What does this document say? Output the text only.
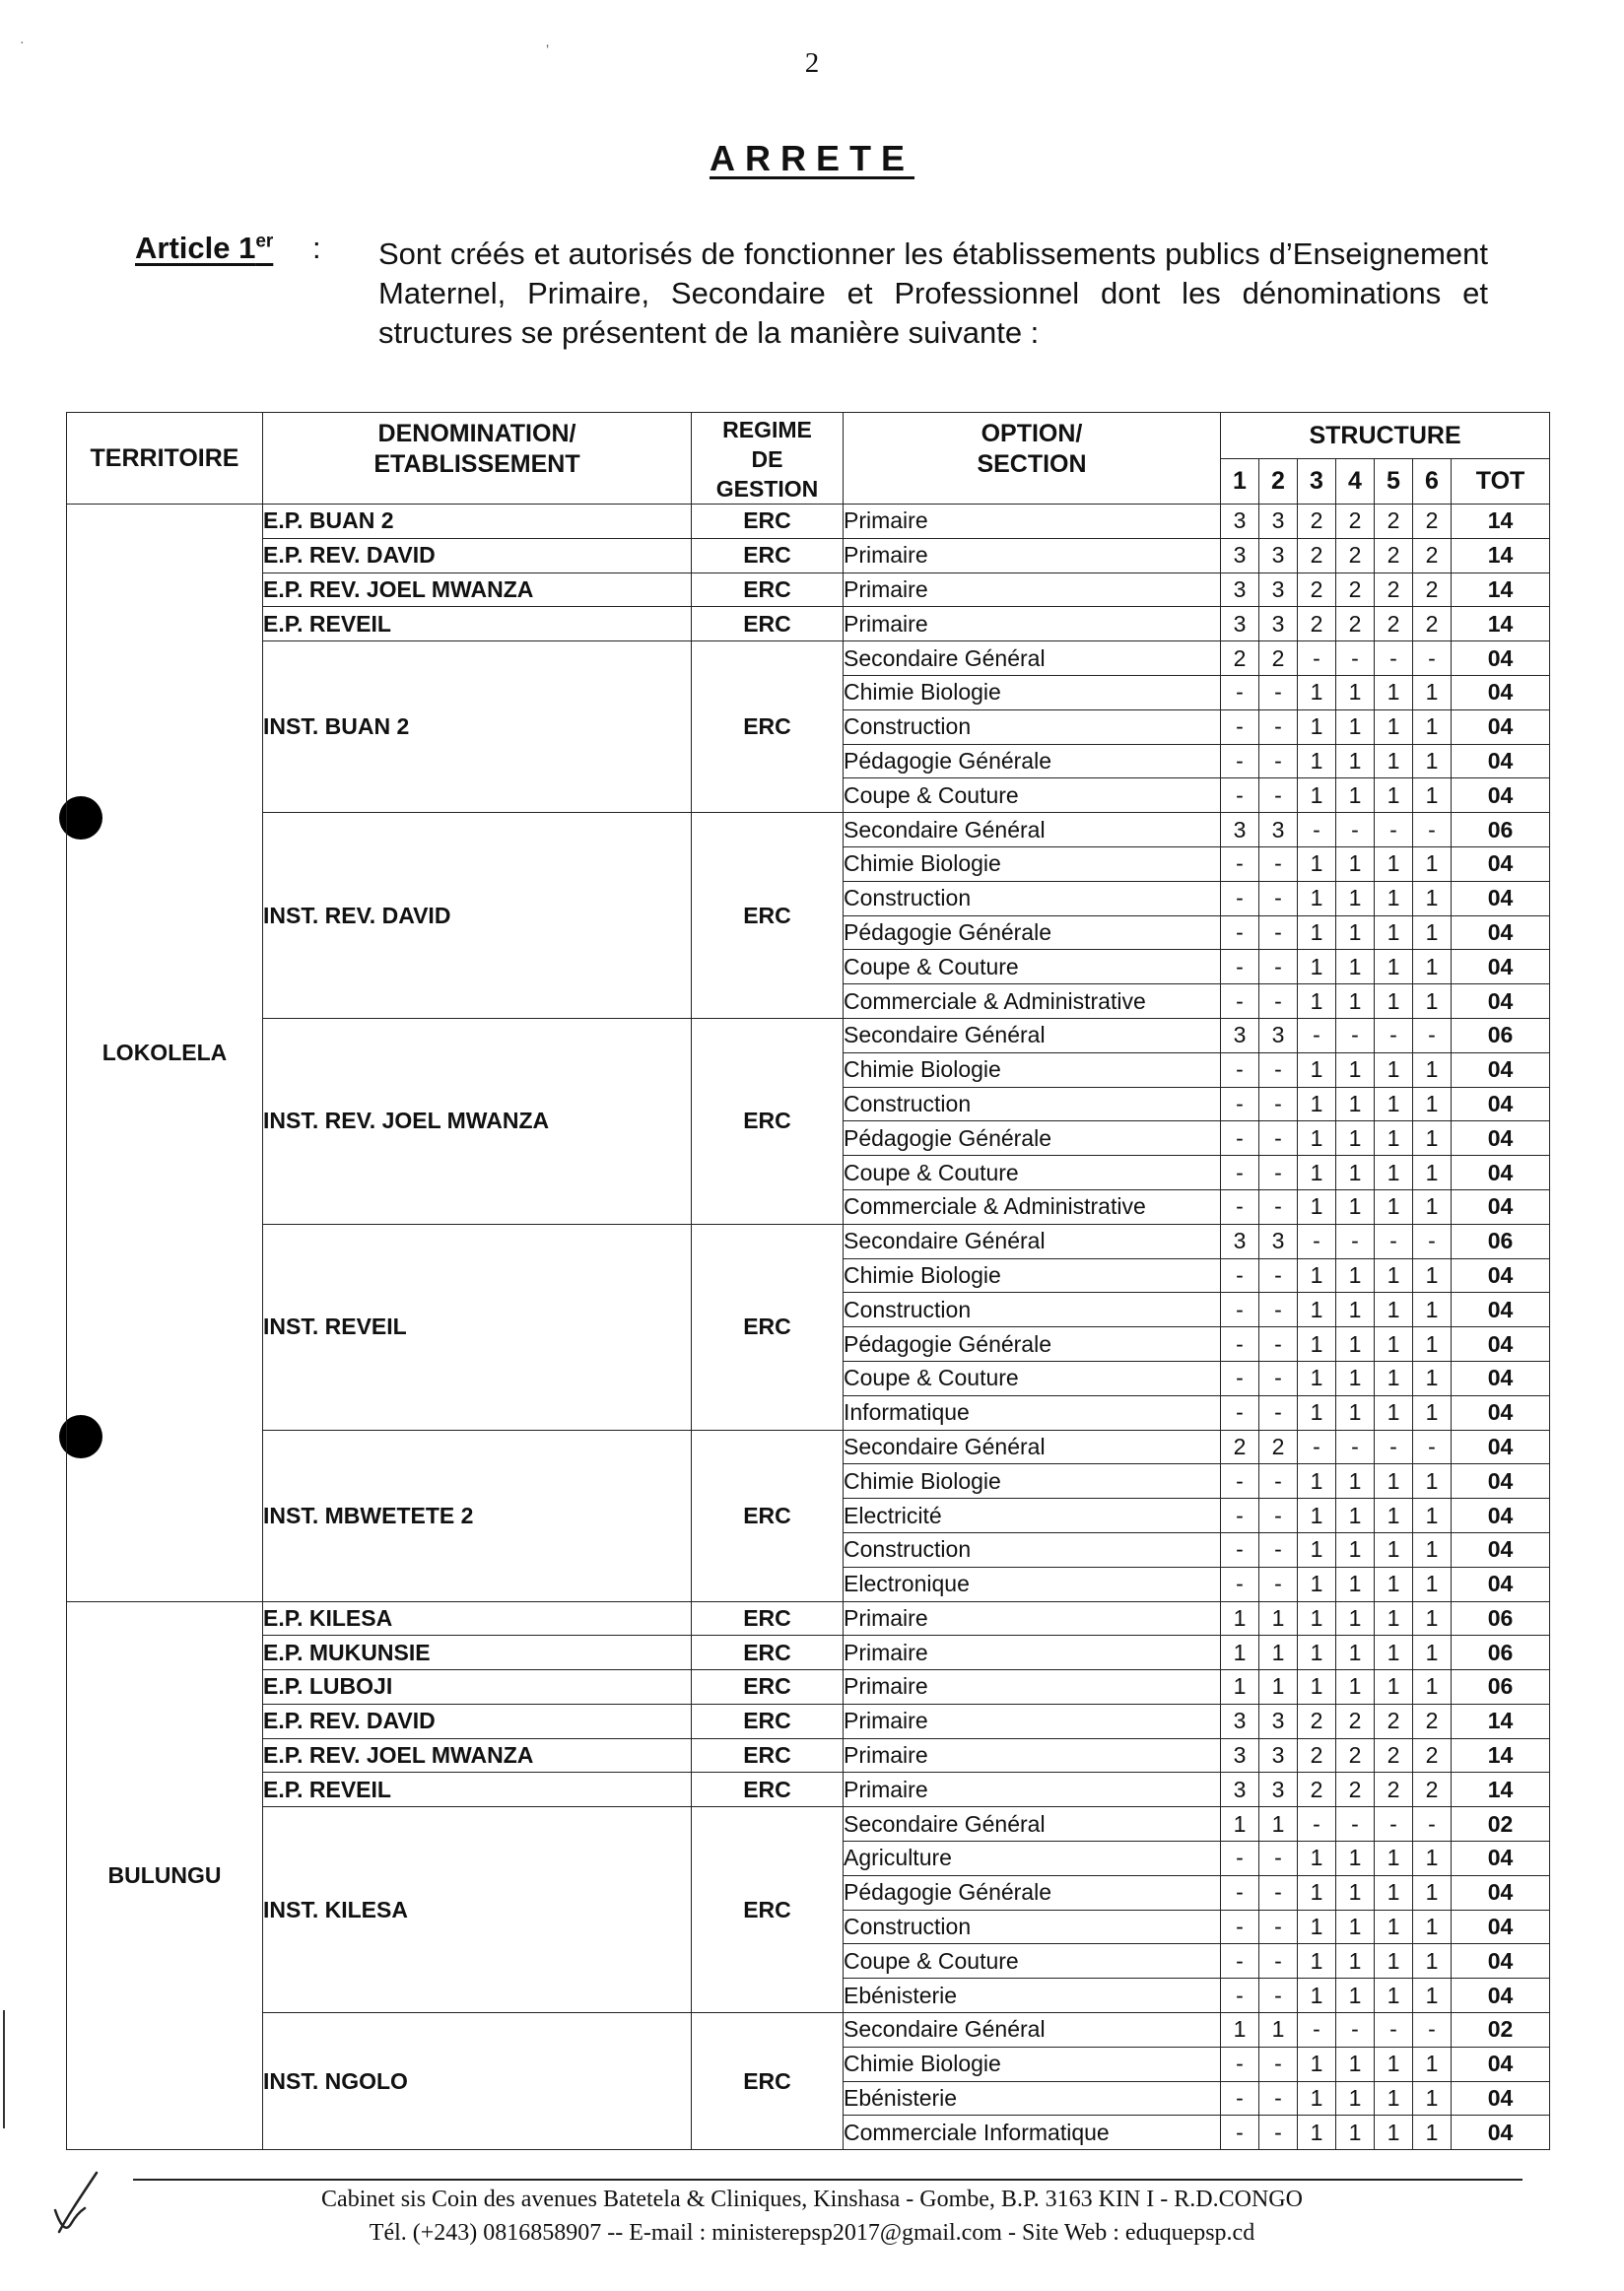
·                                                                                                                                        ,
2
ARRETE
Article 1er : Sont créés et autorisés de fonctionner les établissements publics d’Enseignement Maternel, Primaire, Secondaire et Professionnel dont les dénominations et structures se présentent de la manière suivante :
TERRITOIRE	DENOMINATION/ ETABLISSEMENT	REGIME DE GESTION	OPTION/ SECTION	STRUCTURE						
				1	2	3	4	5	6	TOT
LOKOLELA	E.P. BUAN 2	ERC	Primaire	3	3	2	2	2	2	14
	E.P. REV. DAVID	ERC	Primaire	3	3	2	2	2	2	14
	E.P. REV. JOEL MWANZA	ERC	Primaire	3	3	2	2	2	2	14
	E.P. REVEIL	ERC	Primaire	3	3	2	2	2	2	14
	INST. BUAN 2	ERC	Secondaire Général	2	2	-	-	-	-	04
			Chimie Biologie	-	-	1	1	1	1	04
			Construction	-	-	1	1	1	1	04
			Pédagogie Générale	-	-	1	1	1	1	04
			Coupe & Couture	-	-	1	1	1	1	04
	INST. REV. DAVID	ERC	Secondaire Général	3	3	-	-	-	-	06
			Chimie Biologie	-	-	1	1	1	1	04
			Construction	-	-	1	1	1	1	04
			Pédagogie Générale	-	-	1	1	1	1	04
			Coupe & Couture	-	-	1	1	1	1	04
			Commerciale & Administrative	-	-	1	1	1	1	04
	INST. REV. JOEL MWANZA	ERC	Secondaire Général	3	3	-	-	-	-	06
			Chimie Biologie	-	-	1	1	1	1	04
			Construction	-	-	1	1	1	1	04
			Pédagogie Générale	-	-	1	1	1	1	04
			Coupe & Couture	-	-	1	1	1	1	04
			Commerciale & Administrative	-	-	1	1	1	1	04
	INST. REVEIL	ERC	Secondaire Général	3	3	-	-	-	-	06
			Chimie Biologie	-	-	1	1	1	1	04
			Construction	-	-	1	1	1	1	04
			Pédagogie Générale	-	-	1	1	1	1	04
			Coupe & Couture	-	-	1	1	1	1	04
			Informatique	-	-	1	1	1	1	04
	INST. MBWETETE 2	ERC	Secondaire Général	2	2	-	-	-	-	04
			Chimie Biologie	-	-	1	1	1	1	04
			Electricité	-	-	1	1	1	1	04
			Construction	-	-	1	1	1	1	04
			Electronique	-	-	1	1	1	1	04
BULUNGU	E.P. KILESA	ERC	Primaire	1	1	1	1	1	1	06
	E.P. MUKUNSIE	ERC	Primaire	1	1	1	1	1	1	06
	E.P. LUBOJI	ERC	Primaire	1	1	1	1	1	1	06
	E.P. REV. DAVID	ERC	Primaire	3	3	2	2	2	2	14
	E.P. REV. JOEL MWANZA	ERC	Primaire	3	3	2	2	2	2	14
	E.P. REVEIL	ERC	Primaire	3	3	2	2	2	2	14
	INST. KILESA	ERC	Secondaire Général	1	1	-	-	-	-	02
			Agriculture	-	-	1	1	1	1	04
			Pédagogie Générale	-	-	1	1	1	1	04
			Construction	-	-	1	1	1	1	04
			Coupe & Couture	-	-	1	1	1	1	04
			Ebénisterie	-	-	1	1	1	1	04
	INST. NGOLO	ERC	Secondaire Général	1	1	-	-	-	-	02
			Chimie Biologie	-	-	1	1	1	1	04
			Ebénisterie	-	-	1	1	1	1	04
			Commerciale Informatique	-	-	1	1	1	1	04
Cabinet sis Coin des avenues Batetela & Cliniques, Kinshasa - Gombe, B.P. 3163 KIN I - R.D.CONGO
Tél. (+243) 0816858907 -- E-mail : ministerepsp2017@gmail.com - Site Web : eduquepsp.cd
